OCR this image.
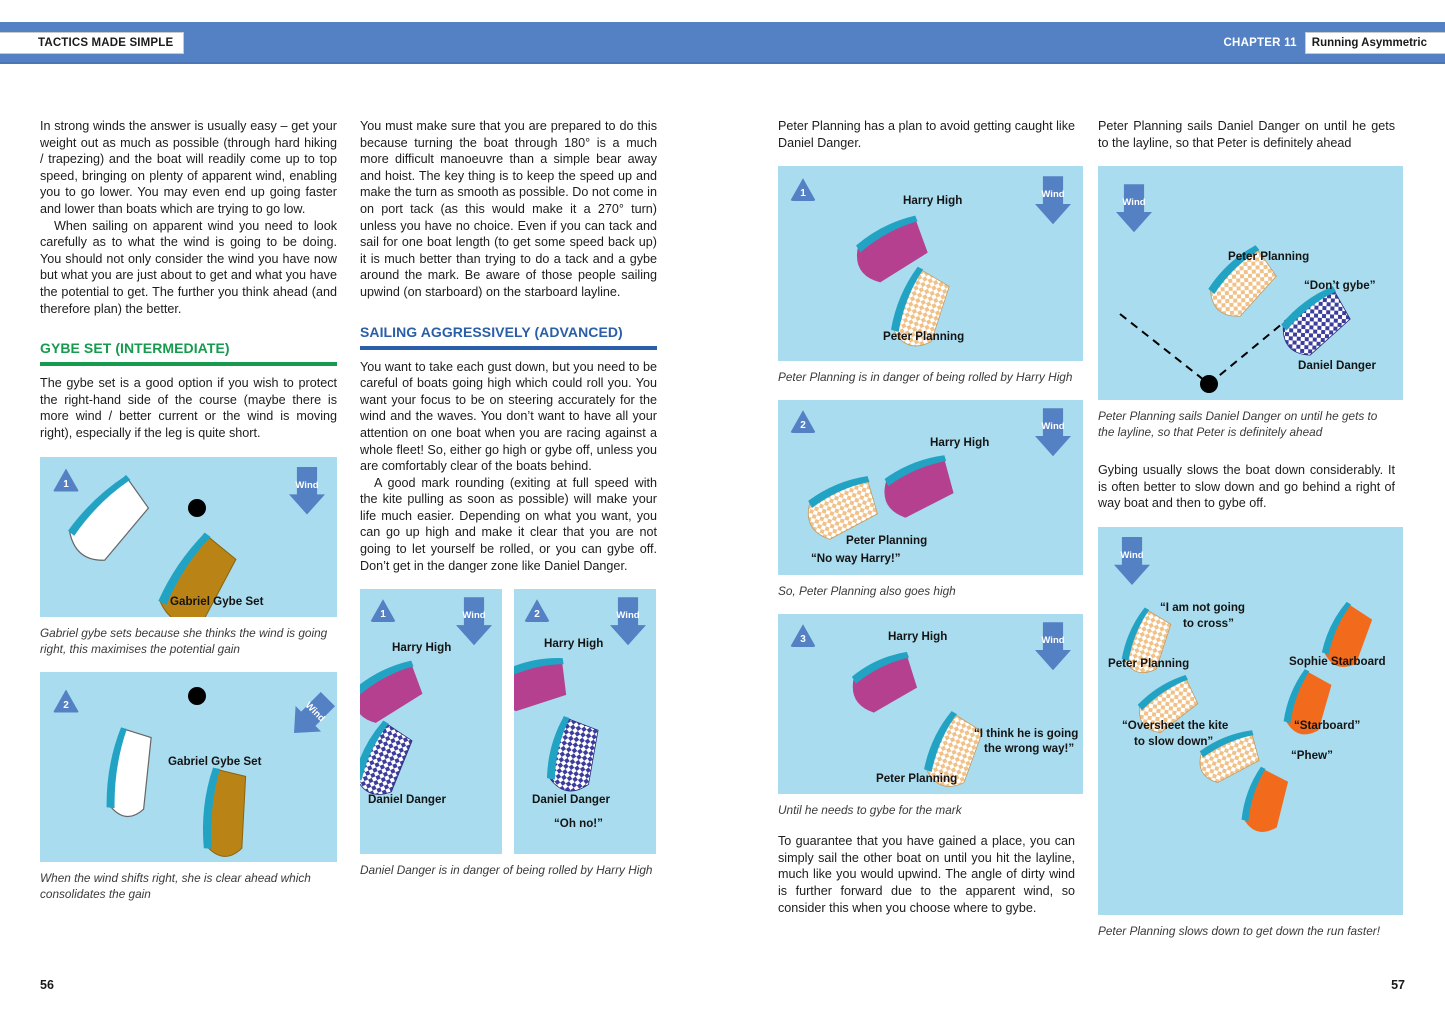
TACTICS MADE SIMPLE	CHAPTER 11	Running Asymmetric

In strong winds the answer is usually easy – get your weight out as much as possible (through hard hiking / trapezing) and the boat will readily come up to top speed, bringing on plenty of apparent wind, enabling you to go lower. You may even end up going faster and lower than boats which are trying to go low.

When sailing on apparent wind you need to look carefully as to what the wind is going to be doing. You should not only consider the wind you have now but what you are just about to get and what you have the potential to get. The further you think ahead (and therefore plan) the better.

GYBE SET (INTERMEDIATE)

The gybe set is a good option if you wish to protect the right-hand side of the course (maybe there is more wind / better current or the wind is moving right), especially if the leg is quite short.

1	Wind
Gabriel Gybe Set
Gabriel gybe sets because she thinks the wind is going right, this maximises the potential gain
2	Wind
Gabriel Gybe Set
When the wind shifts right, she is clear ahead which consolidates the gain

You must make sure that you are prepared to do this because turning the boat through 180° is a much more difficult manoeuvre than a simple bear away and hoist. The key thing is to keep the speed up and make the turn as smooth as possible. Do not come in on port tack (as this would make it a 270° turn) unless you have no choice. Even if you can tack and sail for one boat length (to get some speed back up) it is much better than trying to do a tack and a gybe around the mark. Be aware of those people sailing upwind (on starboard) on the starboard layline.

SAILING AGGRESSIVELY (ADVANCED)

You want to take each gust down, but you need to be careful of boats going high which could roll you. You want your focus to be on steering accurately for the wind and the waves. You don’t want to have all your attention on one boat when you are racing against a whole fleet! So, either go high or gybe off, unless you are comfortably clear of the boats behind.

A good mark rounding (exiting at full speed with the kite pulling as soon as possible) will make your life much easier. Depending on what you want, you can go up high and make it clear that you are not going to let yourself be rolled, or you can gybe off. Don’t get in the danger zone like Daniel Danger.

1	Wind
Harry High
Daniel Danger
2	Wind
Harry High
Daniel Danger
“Oh no!”
Daniel Danger is in danger of being rolled by Harry High
56

Peter Planning has a plan to avoid getting caught like Daniel Danger.

1	Wind
Harry High
Peter Planning
Peter Planning is in danger of being rolled by Harry High
2	Wind
Harry High
Peter Planning
“No way Harry!”
So, Peter Planning also goes high
3	Wind
Harry High
Peter Planning
“I think he is going
the wrong way!”
Until he needs to gybe for the mark

To guarantee that you have gained a place, you can simply sail the other boat on until you hit the layline, much like you would upwind. The angle of dirty wind is further forward due to the apparent wind, so consider this when you choose where to gybe.

Peter Planning sails Daniel Danger on until he gets to the layline, so that Peter is definitely ahead

Wind
Peter Planning
“Don’t gybe”
Daniel Danger
Peter Planning sails Daniel Danger on until he gets to the layline, so that Peter is definitely ahead

Gybing usually slows the boat down considerably. It is often better to slow down and go behind a right of way boat and then to gybe off.

Wind
“I am not going
to cross”
Peter Planning
“Oversheet the kite
to slow down”
Sophie Starboard
“Starboard”
“Phew”
Peter Planning slows down to get down the run faster!
57
